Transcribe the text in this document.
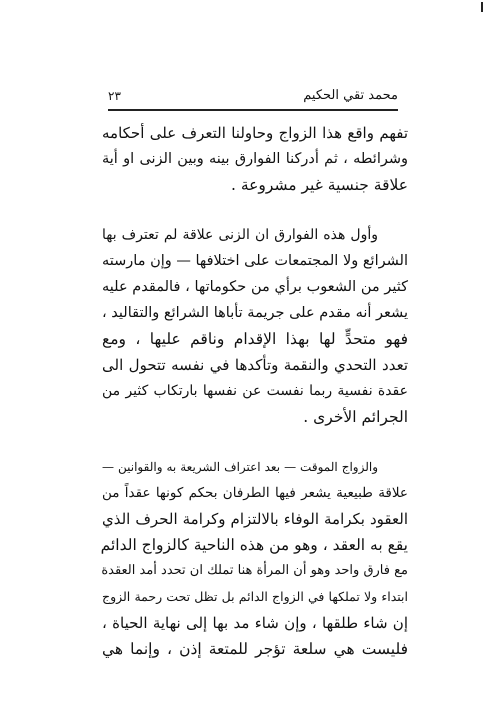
محمد تقي الحكيم
٢٣
تفهم واقع هذا الزواج وحاولنا التعرف على أحكامه
وشرائطه ، ثم أدركنا الفوارق بينه وبين الزنى او أية
علاقة جنسية غير مشروعة .
وأول هذه الفوارق ان الزنى علاقة لم تعترف بها
الشرائع ولا المجتمعات على اختلافها — وإن مارسته
كثير من الشعوب برأي من حكوماتها ، فالمقدم عليه
يشعر أنه مقدم على جريمة تأباها الشرائع والتقاليد ،
فهو متحدٍّ لها بهذا الإقدام وناقم عليها ، ومع
تعدد التحدي والنقمة وتأكدها في نفسه تتحول الى
عقدة نفسية ربما نفست عن نفسها بارتكاب كثير من
الجرائم الأخرى .
والزواج الموقت — بعد اعتراف الشريعة به والقوانين —
علاقة طبيعية يشعر فيها الطرفان بحكم كونها عقداً من
العقود بكرامة الوفاء بالالتزام وكرامة الحرف الذي
يقع به العقد ، وهو من هذه الناحية كالزواج الدائم
مع فارق واحد وهو أن المرأة هنا تملك ان تحدد أمد العقدة
ابتداء ولا تملكها في الزواج الدائم بل تظل تحت رحمة الزوج
إن شاء طلقها ، وإن شاء مد بها إلى نهاية الحياة ،
فليست هي سلعة تؤجر للمتعة إذن ، وإنما هي
